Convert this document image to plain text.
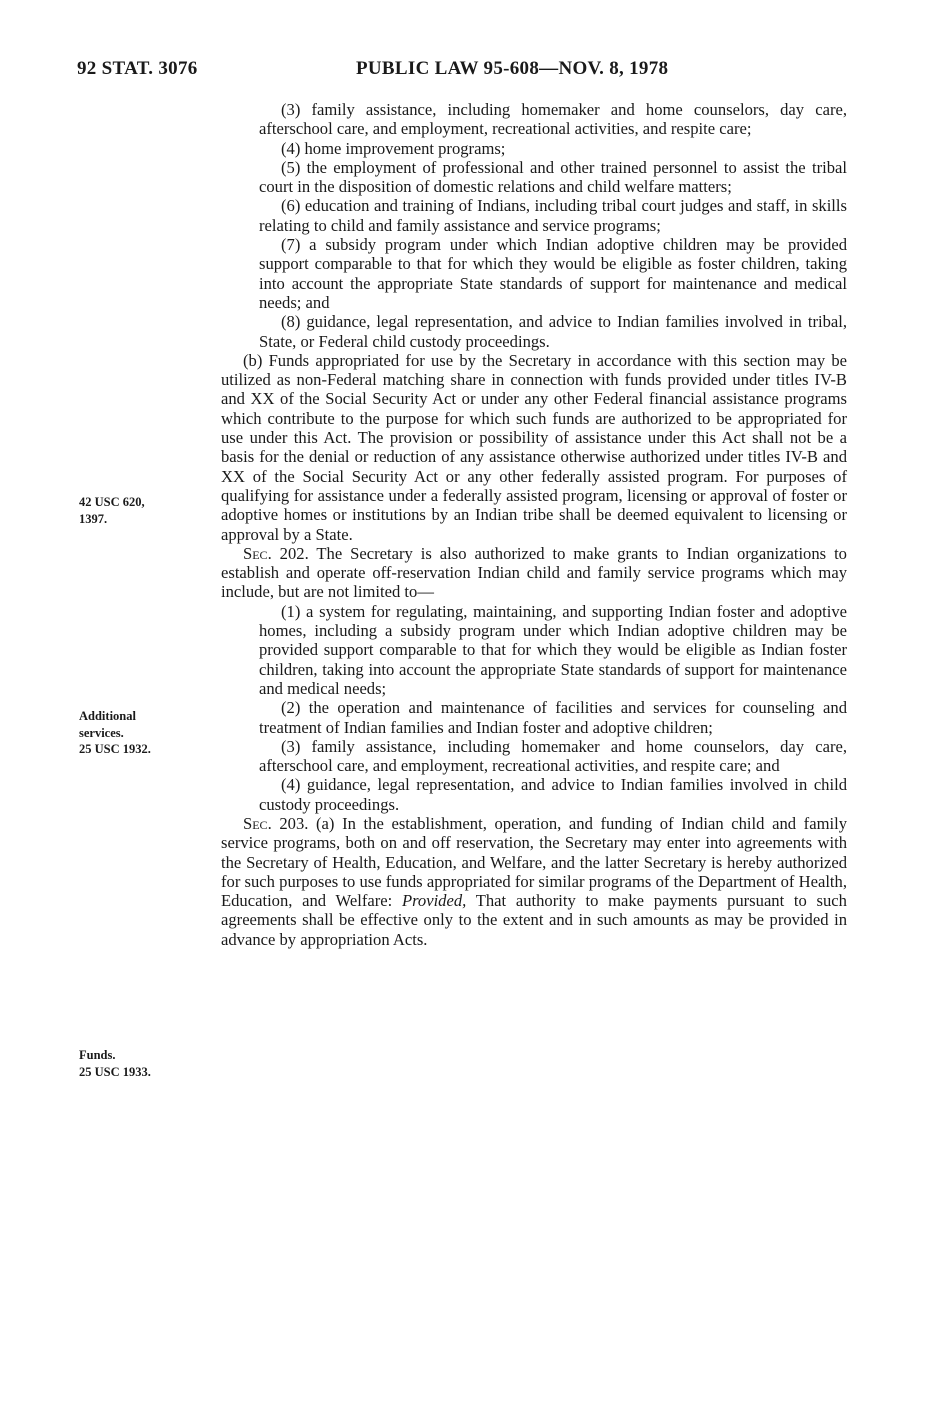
92 STAT. 3076	PUBLIC LAW 95-608—NOV. 8, 1978
42 USC 620,
1397.
Additional
services.
25 USC 1932.
Funds.
25 USC 1933.

(3) family assistance, including homemaker and home counselors, day care, afterschool care, and employment, recreational activities, and respite care;

(4) home improvement programs;

(5) the employment of professional and other trained personnel to assist the tribal court in the disposition of domestic relations and child welfare matters;

(6) education and training of Indians, including tribal court judges and staff, in skills relating to child and family assistance and service programs;

(7) a subsidy program under which Indian adoptive children may be provided support comparable to that for which they would be eligible as foster children, taking into account the appropriate State standards of support for maintenance and medical needs; and

(8) guidance, legal representation, and advice to Indian families involved in tribal, State, or Federal child custody proceedings.

(b) Funds appropriated for use by the Secretary in accordance with this section may be utilized as non-Federal matching share in connection with funds provided under titles IV-B and XX of the Social Security Act or under any other Federal financial assistance programs which contribute to the purpose for which such funds are authorized to be appropriated for use under this Act. The provision or possibility of assistance under this Act shall not be a basis for the denial or reduction of any assistance otherwise authorized under titles IV-B and XX of the Social Security Act or any other federally assisted program. For purposes of qualifying for assistance under a federally assisted program, licensing or approval of foster or adoptive homes or institutions by an Indian tribe shall be deemed equivalent to licensing or approval by a State.

Sec. 202. The Secretary is also authorized to make grants to Indian organizations to establish and operate off-reservation Indian child and family service programs which may include, but are not limited to—

(1) a system for regulating, maintaining, and supporting Indian foster and adoptive homes, including a subsidy program under which Indian adoptive children may be provided support comparable to that for which they would be eligible as Indian foster children, taking into account the appropriate State standards of support for maintenance and medical needs;

(2) the operation and maintenance of facilities and services for counseling and treatment of Indian families and Indian foster and adoptive children;

(3) family assistance, including homemaker and home counselors, day care, afterschool care, and employment, recreational activities, and respite care; and

(4) guidance, legal representation, and advice to Indian families involved in child custody proceedings.

Sec. 203. (a) In the establishment, operation, and funding of Indian child and family service programs, both on and off reservation, the Secretary may enter into agreements with the Secretary of Health, Education, and Welfare, and the latter Secretary is hereby authorized for such purposes to use funds appropriated for similar programs of the Department of Health, Education, and Welfare: Provided, That authority to make payments pursuant to such agreements shall be effective only to the extent and in such amounts as may be provided in advance by appropriation Acts.
